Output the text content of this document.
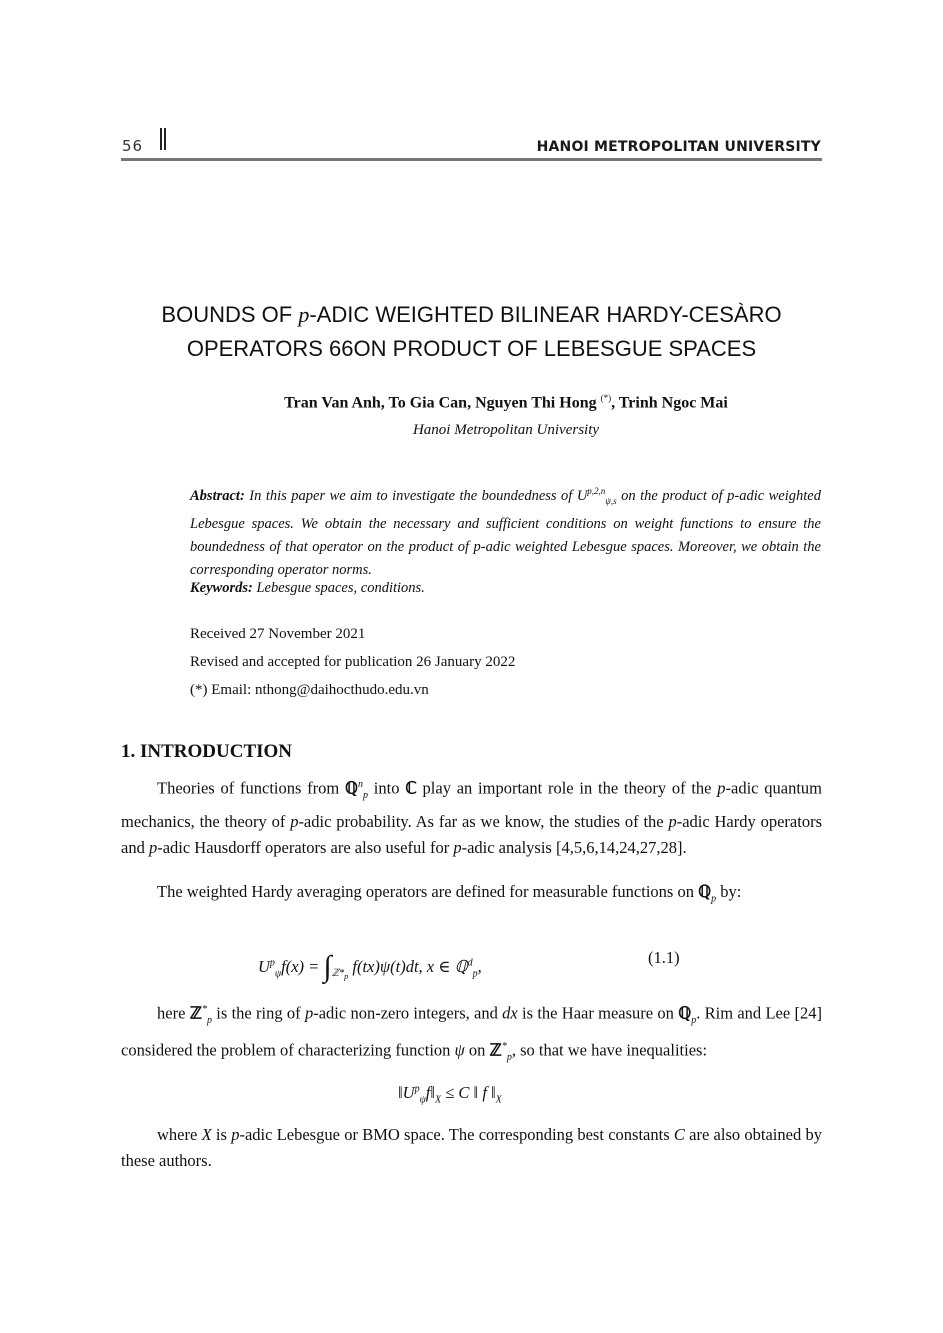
56	HANOI METROPOLITAN UNIVERSITY
BOUNDS OF p-ADIC WEIGHTED BILINEAR HARDY-CESÀRO
OPERATORS 66ON PRODUCT OF LEBESGUE SPACES
Tran Van Anh, To Gia Can, Nguyen Thi Hong (*), Trinh Ngoc Mai
Hanoi Metropolitan University
Abstract: In this paper we aim to investigate the boundedness of U$^{p,2,n}_{\psi,s}$ on the product of p-adic weighted Lebesgue spaces. We obtain the necessary and sufficient conditions on weight functions to ensure the boundedness of that operator on the product of p-adic weighted Lebesgue spaces. Moreover, we obtain the corresponding operator norms.
Keywords: Lebesgue spaces, conditions.
Received 27 November 2021
Revised and accepted for publication 26 January 2022
(*) Email: nthong@daihocthudo.edu.vn
1. INTRODUCTION
Theories of functions from ℚ$^n_p$ into ℂ play an important role in the theory of the p-adic quantum mechanics, the theory of p-adic probability. As far as we know, the studies of the p-adic Hardy operators and p-adic Hausdorff operators are also useful for p-adic analysis [4,5,6,14,24,27,28].
The weighted Hardy averaging operators are defined for measurable functions on ℚ$_p$ by:
$U^p_\psi f(x) = \int_{ℤ*_p}$ f(tx)ψ(t)dt, x ∈ ℚ$^d_p$,	(1.1)
here ℤ*$_p$ is the ring of p-adic non-zero integers, and dx is the Haar measure on ℚ$_p$. Rim and Lee [24] considered the problem of characterizing function ψ on ℤ*$_p$, so that we have inequalities:
$‖U^p_\psi f‖_X \le C$ ‖ f $‖_X$
where X is p-adic Lebesgue or BMO space. The corresponding best constants C are also obtained by these authors.
